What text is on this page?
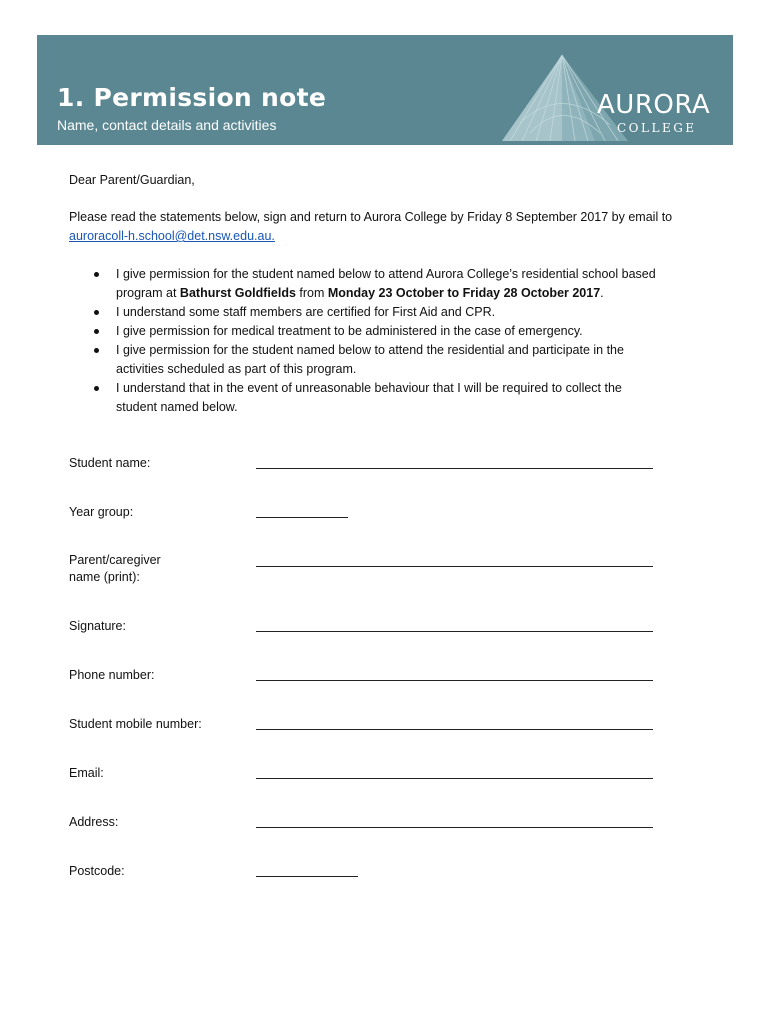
1. Permission note
Name, contact details and activities
AURORA
COLLEGE
Dear Parent/Guardian,
Please read the statements below, sign and return to Aurora College by Friday 8 September 2017 by email to
auroracoll-h.school@det.nsw.edu.au.
I give permission for the student named below to attend Aurora College’s residential school based
program at Bathurst Goldfields from Monday 23 October to Friday 28 October 2017.
I understand some staff members are certified for First Aid and CPR.
I give permission for medical treatment to be administered in the case of emergency.
I give permission for the student named below to attend the residential and participate in the
activities scheduled as part of this program.
I understand that in the event of unreasonable behaviour that I will be required to collect the
student named below.
Student name:
Year group:
Parent/caregiver
name (print):
Signature:
Phone number:
Student mobile number:
Email:
Address:
Postcode:
